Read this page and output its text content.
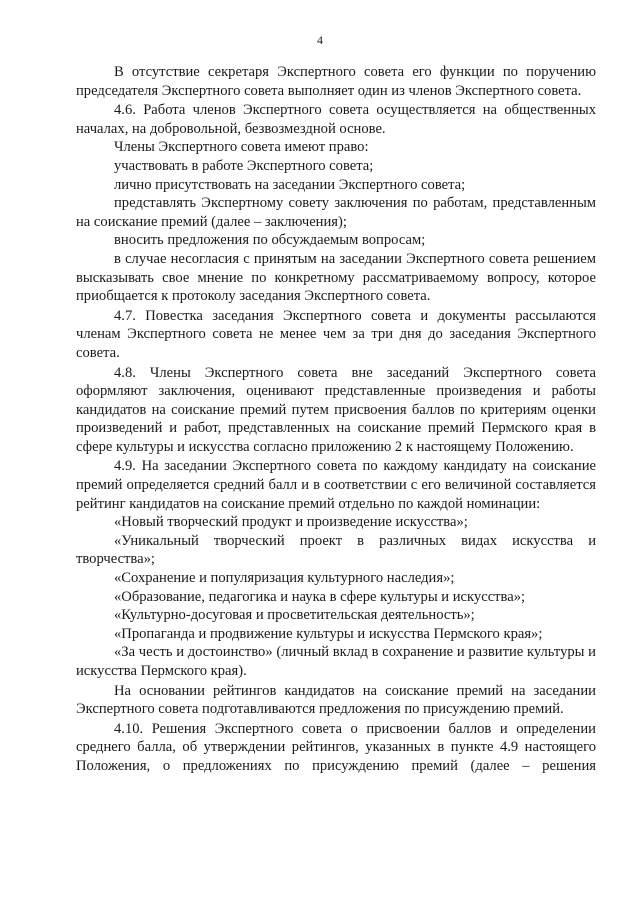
4

В отсутствие секретаря Экспертного совета его функции по поручению председателя Экспертного совета выполняет один из членов Экспертного совета.

4.6. Работа членов Экспертного совета осуществляется на общественных началах, на добровольной, безвозмездной основе.

Члены Экспертного совета имеют право:

участвовать в работе Экспертного совета;

лично присутствовать на заседании Экспертного совета;

представлять Экспертному совету заключения по работам, представленным на соискание премий (далее – заключения);

вносить предложения по обсуждаемым вопросам;

в случае несогласия с принятым на заседании Экспертного совета решением высказывать свое мнение по конкретному рассматриваемому вопросу, которое приобщается к протоколу заседания Экспертного совета.

4.7. Повестка заседания Экспертного совета и документы рассылаются членам Экспертного совета не менее чем за три дня до заседания Экспертного совета.

4.8. Члены Экспертного совета вне заседаний Экспертного совета оформляют заключения, оценивают представленные произведения и работы кандидатов на соискание премий путем присвоения баллов по критериям оценки произведений и работ, представленных на соискание премий Пермского края в сфере культуры и искусства согласно приложению 2 к настоящему Положению.

4.9. На заседании Экспертного совета по каждому кандидату на соискание премий определяется средний балл и в соответствии с его величиной составляется рейтинг кандидатов на соискание премий отдельно по каждой номинации:

«Новый творческий продукт и произведение искусства»;

«Уникальный творческий проект в различных видах искусства и творчества»;

«Сохранение и популяризация культурного наследия»;

«Образование, педагогика и наука в сфере культуры и искусства»;

«Культурно-досуговая и просветительская деятельность»;

«Пропаганда и продвижение культуры и искусства Пермского края»;

«За честь и достоинство» (личный вклад в сохранение и развитие культуры и искусства Пермского края).

На основании рейтингов кандидатов на соискание премий на заседании Экспертного совета подготавливаются предложения по присуждению премий.

4.10. Решения Экспертного совета о присвоении баллов и определении среднего балла, об утверждении рейтингов, указанных в пункте 4.9 настоящего Положения, о предложениях по присуждению премий (далее – решения
